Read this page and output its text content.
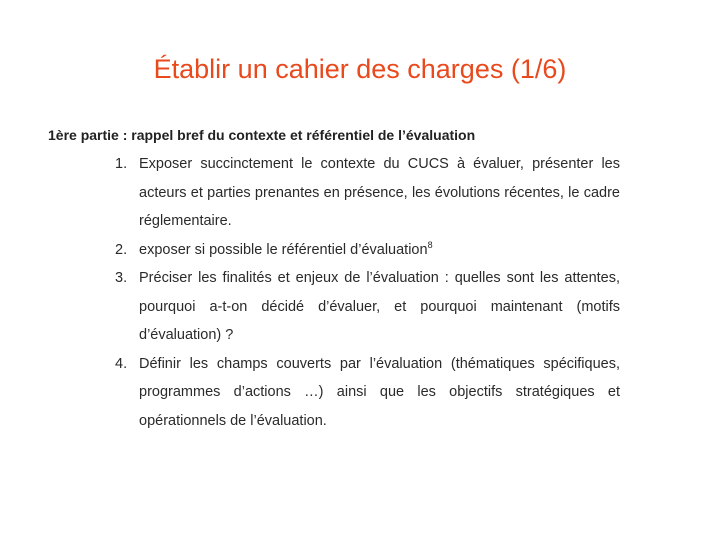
Établir un cahier des charges (1/6)
1ère partie : rappel bref du contexte et référentiel de l’évaluation
1. Exposer succinctement le contexte du CUCS à évaluer, présenter les acteurs et parties prenantes en présence, les évolutions récentes, le cadre réglementaire.
2. exposer si possible le référentiel d’évaluation$^8$
3. Préciser les finalités et enjeux de l’évaluation : quelles sont les attentes, pourquoi a-t-on décidé d’évaluer, et pourquoi maintenant (motifs d’évaluation) ?
4. Définir les champs couverts par l’évaluation (thématiques spécifiques, programmes d’actions …) ainsi que les objectifs stratégiques et opérationnels de l’évaluation.
